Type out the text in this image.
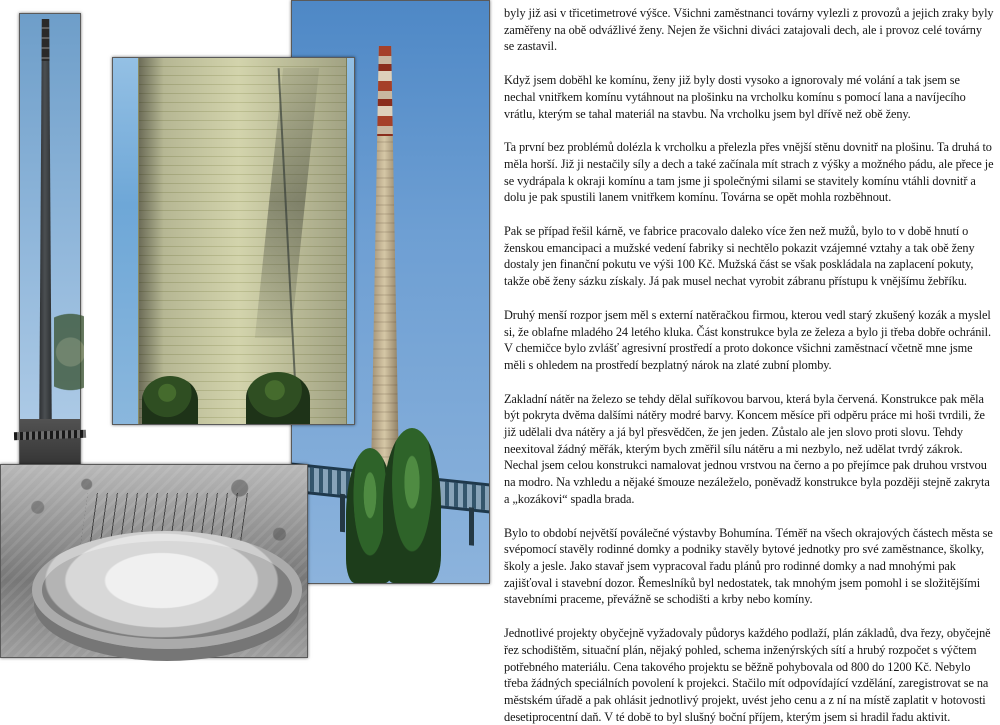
byly již asi v třicetimetrové výšce. Všichni zaměstnanci továrny vylezli z provozů a jejich zraky byly zaměřeny na obě odvážlivé ženy. Nejen že všichni diváci zatajovali dech, ale i provoz celé továrny se zastavil.

Když jsem doběhl ke komínu, ženy již byly dosti vysoko a ignorovaly mé volání a tak jsem se nechal vnitřkem komínu vytáhnout na plošinku na vrcholku komínu s pomocí lana a navíjecího vrátlu, kterým se tahal materiál na stavbu. Na vrcholku jsem byl dřívě než obě ženy.

Ta první bez problémů dolézla k vrcholku a přelezla přes vnější stěnu dovnitř na plošinu. Ta druhá to měla horší. Již ji nestačily síly a dech a také začínala mít strach z výšky a možného pádu, ale přece je se vydrápala k okraji komínu a tam jsme ji společnými silami se stavitely komínu vtáhli dovnitř a dolu je pak spustili lanem vnitřkem komínu. Továrna se opět mohla rozběhnout.

Pak se případ řešil kárně, ve fabrice pracovalo daleko více žen než mužů, bylo to v době hnutí o ženskou emancipaci a mužské vedení fabriky si nechtělo pokazit vzájemné vztahy a tak obě ženy dostaly jen finanční pokutu ve výši 100 Kč. Mužská část se však poskládala na zaplacení pokuty, takže obě ženy sázku získaly. Já pak musel nechat vyrobit zábranu přístupu k vnějšímu žebříku.

Druhý menší rozpor jsem měl s externí natěračkou firmou, kterou vedl starý zkušený kozák a myslel si, že oblafne mladého 24 letého kluka. Část konstrukce byla ze železa a bylo ji třeba dobře ochránil. V chemičce bylo zvlášť agresivní prostředí a proto dokonce všichni zaměstnací včetně mne jsme měli s ohledem na prostředí bezplatný nárok na zlaté zubní plomby.

Zakladní nátěr na železo se tehdy dělal suříkovou barvou, která byla červená. Konstrukce pak měla být pokryta dvěma dalšími nátěry modré barvy. Koncem měsíce při odpěru práce mi hoši tvrdili, že již udělali dva nátěry a já byl přesvědčen, že jen jeden. Zůstalo ale jen slovo proti slovu. Tehdy neexitoval žádný měřák, kterým bych změřil sílu nátěru a mi nezbylo, než udělat tvrdý zákrok. Nechal jsem celou konstrukci namalovat jednou vrstvou na černo a po přejímce pak druhou vrstvou na modro. Na vzhledu a nějaké šmouze nezáleželo, poněvadž konstrukce byla později stejně zakryta a „kozákovi“ spadla brada.

Bylo to období největší poválečné výstavby Bohumína. Téměř na všech okrajových částech města se svépomocí stavěly rodinné domky a podniky stavěly bytové jednotky pro své zaměstnance, školky, školy a jesle. Jako stavař jsem vypracoval řadu plánů pro rodinné domky a nad mnohými pak zajišťoval i stavební dozor. Řemeslníků byl nedostatek, tak mnohým jsem pomohl i se složitějšími stavebními praceme, převážně se schodišti a krby nebo komíny.

Jednotlivé projekty obyčejně vyžadovaly půdorys každého podlaží, plán základů, dva řezy, obyčejně řez schodištěm, situační plán, nějaký pohled, schema inženýrských sítí a hrubý rozpočet s výčtem potřebného materiálu. Cena takového projektu se běžně pohybovala od 800 do 1200 Kč. Nebylo třeba žádných speciálních povolení k projekci. Stačilo mít odpovídající vzdělání, zaregistrovat se na městském úřadě a pak ohlásit jednotlivý projekt, uvést jeho cenu a z ní na místě zaplatit v hotovosti desetiprocentní daň. V té době to byl slušný boční příjem, kterým jsem si hradil řadu aktivit.
